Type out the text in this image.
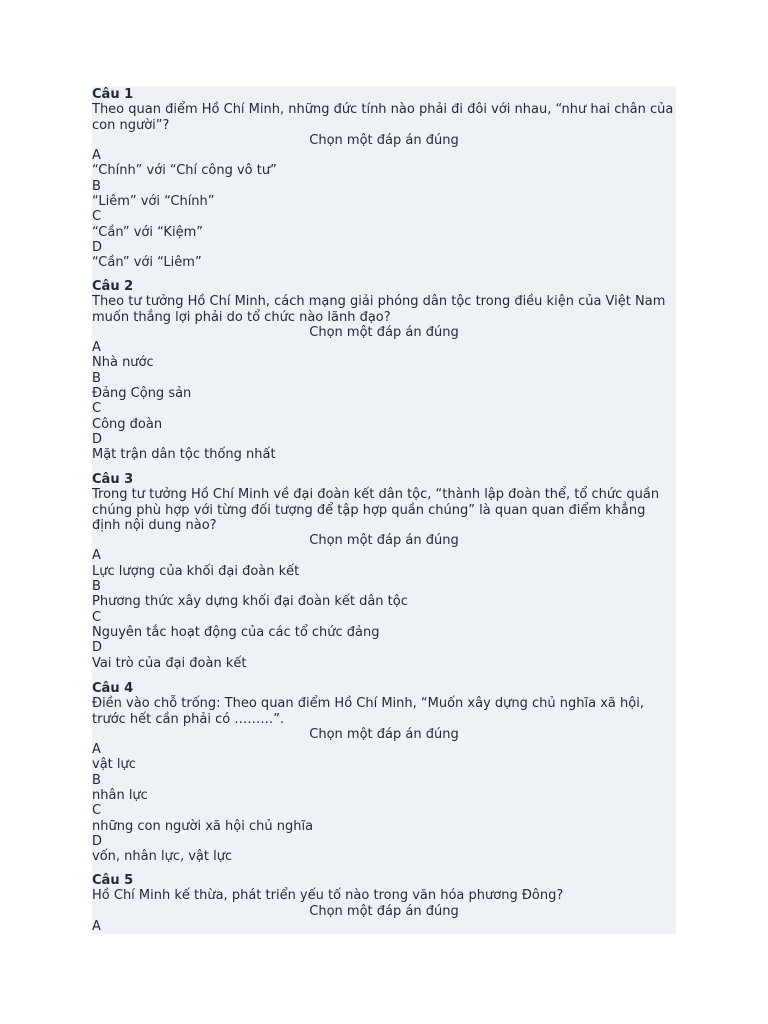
Câu 1
Theo quan điểm Hồ Chí Minh, những đức tính nào phải đi đôi với nhau, “như hai chân của con người”?
Chọn một đáp án đúng
A
“Chính” với “Chí công vô tư”
B
“Liêm” với “Chính”
C
“Cần” với “Kiệm”
D
“Cần” với “Liêm”
Câu 2
Theo tư tưởng Hồ Chí Minh, cách mạng giải phóng dân tộc trong điều kiện của Việt Nam muốn thắng lợi phải do tổ chức nào lãnh đạo?
Chọn một đáp án đúng
A
Nhà nước
B
Đảng Cộng sản
C
Công đoàn
D
Mặt trận dân tộc thống nhất
Câu 3
Trong tư tưởng Hồ Chí Minh về đại đoàn kết dân tộc, “thành lập đoàn thể, tổ chức quần chúng phù hợp với từng đối tượng để tập hợp quần chúng” là quan quan điểm khẳng định nội dung nào?
Chọn một đáp án đúng
A
Lực lượng của khối đại đoàn kết
B
Phương thức xây dựng khối đại đoàn kết dân tộc
C
Nguyên tắc hoạt động của các tổ chức đảng
D
Vai trò của đại đoàn kết
Câu 4
Điền vào chỗ trống: Theo quan điểm Hồ Chí Minh, “Muốn xây dựng chủ nghĩa xã hội, trước hết cần phải có ………”.
Chọn một đáp án đúng
A
vật lực
B
nhân lực
C
những con người xã hội chủ nghĩa
D
vốn, nhân lực, vật lực
Câu 5
Hồ Chí Minh kế thừa, phát triển yếu tố nào trong văn hóa phương Đông?
Chọn một đáp án đúng
A
